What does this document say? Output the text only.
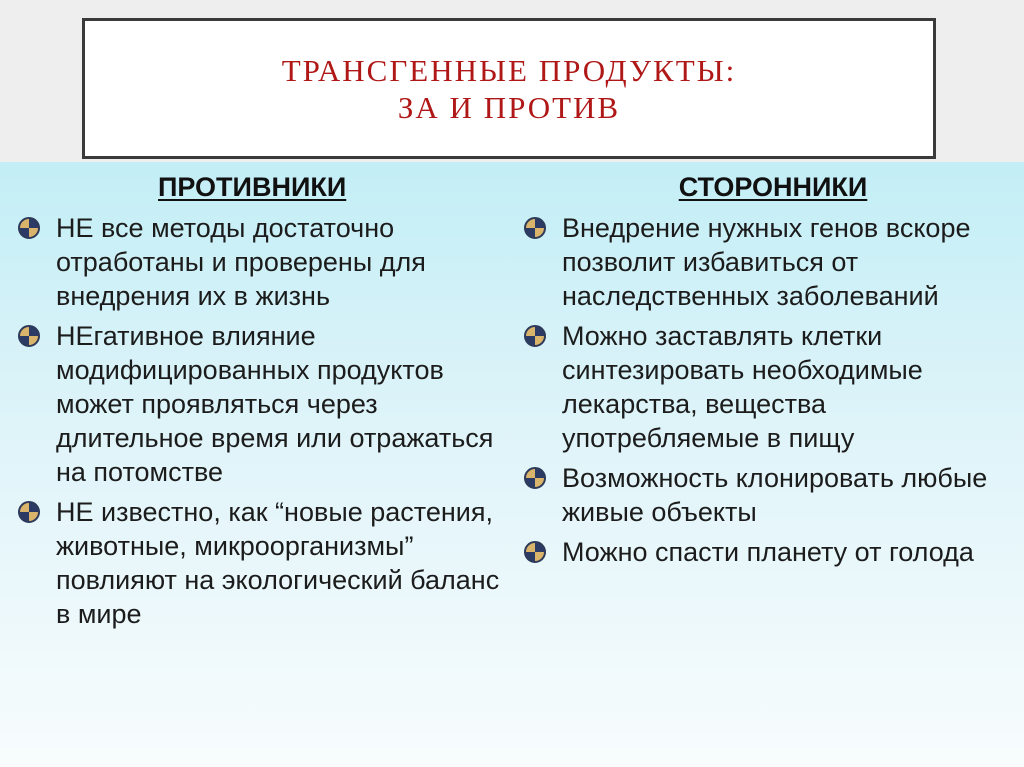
ТРАНСГЕННЫЕ ПРОДУКТЫ:
ЗА И ПРОТИВ
ПРОТИВНИКИ
НЕ все методы достаточно отработаны и проверены для внедрения их в жизнь
НЕгативное влияние модифицированных продуктов может проявляться через длительное время или отражаться на потомстве
НЕ известно, как “новые растения, животные, микроорганизмы” повлияют на экологический баланс в мире
СТОРОННИКИ
Внедрение нужных генов вскоре позволит избавиться от наследственных заболеваний
Можно заставлять клетки синтезировать необходимые лекарства, вещества употребляемые в пищу
Возможность клонировать любые живые объекты
Можно спасти планету от голода
